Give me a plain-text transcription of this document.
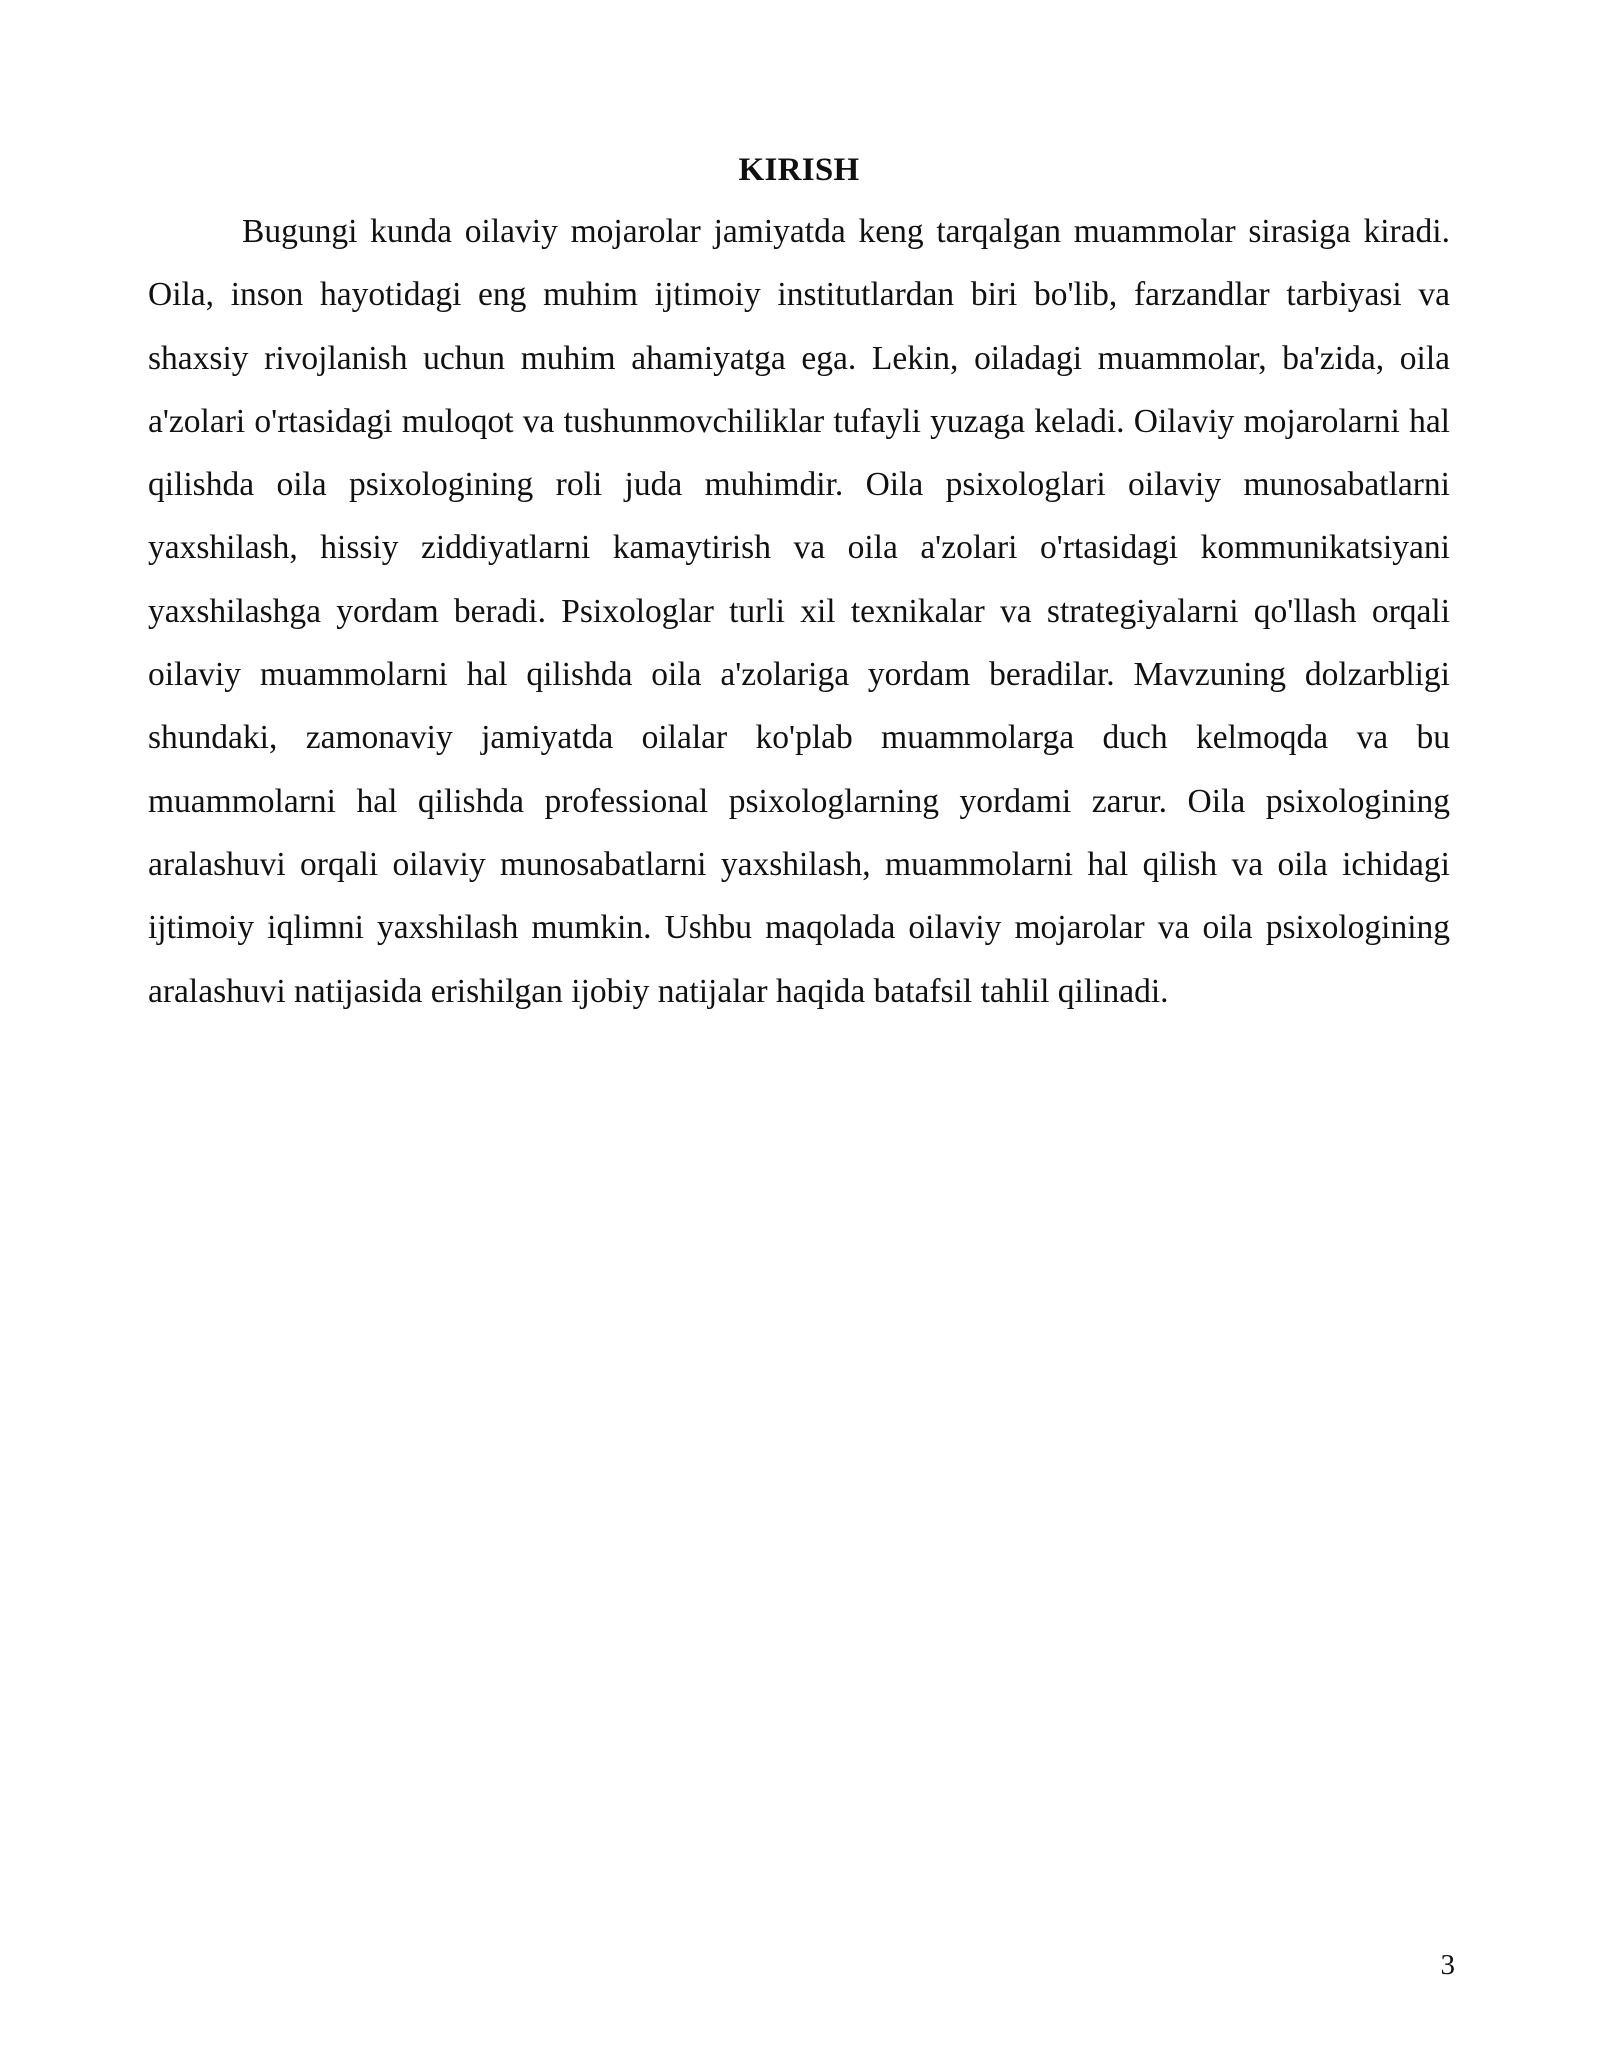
KIRISH

Bugungi kunda oilaviy mojarolar jamiyatda keng tarqalgan muammolar sirasiga kiradi. Oila, inson hayotidagi eng muhim ijtimoiy institutlardan biri bo'lib, farzandlar tarbiyasi va shaxsiy rivojlanish uchun muhim ahamiyatga ega. Lekin, oiladagi muammolar, ba'zida, oila a'zolari o'rtasidagi muloqot va tushunmovchiliklar tufayli yuzaga keladi. Oilaviy mojarolarni hal qilishda oila psixologining roli juda muhimdir. Oila psixologlari oilaviy munosabatlarni yaxshilash, hissiy ziddiyatlarni kamaytirish va oila a'zolari o'rtasidagi kommunikatsiyani yaxshilashga yordam beradi. Psixologlar turli xil texnikalar va strategiyalarni qo'llash orqali oilaviy muammolarni hal qilishda oila a'zolariga yordam beradilar. Mavzuning dolzarbligi shundaki, zamonaviy jamiyatda oilalar ko'plab muammolarga duch kelmoqda va bu muammolarni hal qilishda professional psixologlarning yordami zarur. Oila psixologining aralashuvi orqali oilaviy munosabatlarni yaxshilash, muammolarni hal qilish va oila ichidagi ijtimoiy iqlimni yaxshilash mumkin. Ushbu maqolada oilaviy mojarolar va oila psixologining aralashuvi natijasida erishilgan ijobiy natijalar haqida batafsil tahlil qilinadi.

3
